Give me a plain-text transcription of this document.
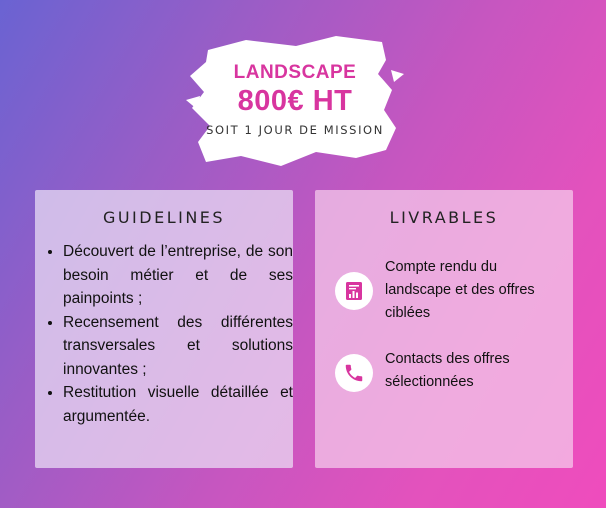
LANDSCAPE
800€ HT
SOIT 1 JOUR DE MISSION
GUIDELINES
• Découvert de l’entreprise, de son besoin métier et de ses painpoints ;
• Recensement des différentes transversales et solutions innovantes ;
• Restitution visuelle détaillée et argumentée.
LIVRABLES
Compte rendu du landscape et des offres ciblées
Contacts des offres sélectionnées
